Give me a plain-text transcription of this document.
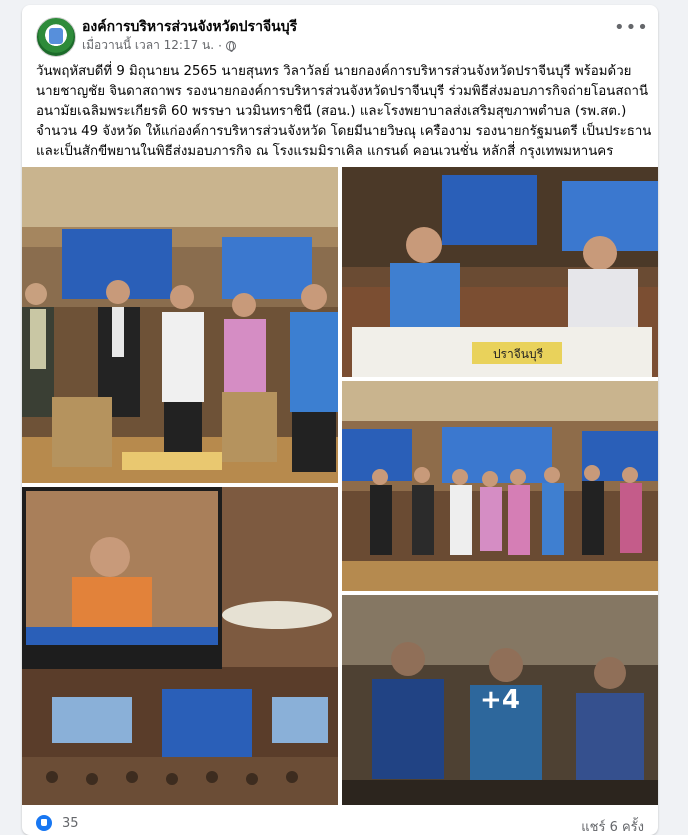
องค์การบริหารส่วนจังหวัดปราจีนบุรี
เมื่อวานนี้ เวลา 12:17 น. ·
•••
วันพฤหัสบดีที่ 9 มิถุนายน 2565 นายสุนทร วิลาวัลย์ นายกองค์การบริหารส่วนจังหวัดปราจีนบุรี พร้อมด้วย
นายชาญชัย จินดาสถาพร รองนายกองค์การบริหารส่วนจังหวัดปราจีนบุรี ร่วมพิธีส่งมอบภารกิจถ่ายโอนสถานี
อนามัยเฉลิมพระเกียรติ 60 พรรษา นวมินทราชินี (สอน.) และโรงพยาบาลส่งเสริมสุขภาพตำบล (รพ.สต.)
จำนวน 49 จังหวัด ให้แก่องค์การบริหารส่วนจังหวัด โดยมีนายวิษณุ เครืองาม รองนายกรัฐมนตรี เป็นประธาน
และเป็นสักขีพยานในพิธีส่งมอบภารกิจ ณ โรงแรมมิราเคิล แกรนด์ คอนเวนชั่น หลักสี่ กรุงเทพมหานคร
ปราจีนบุรี
+4
35	แชร์ 6 ครั้ง
